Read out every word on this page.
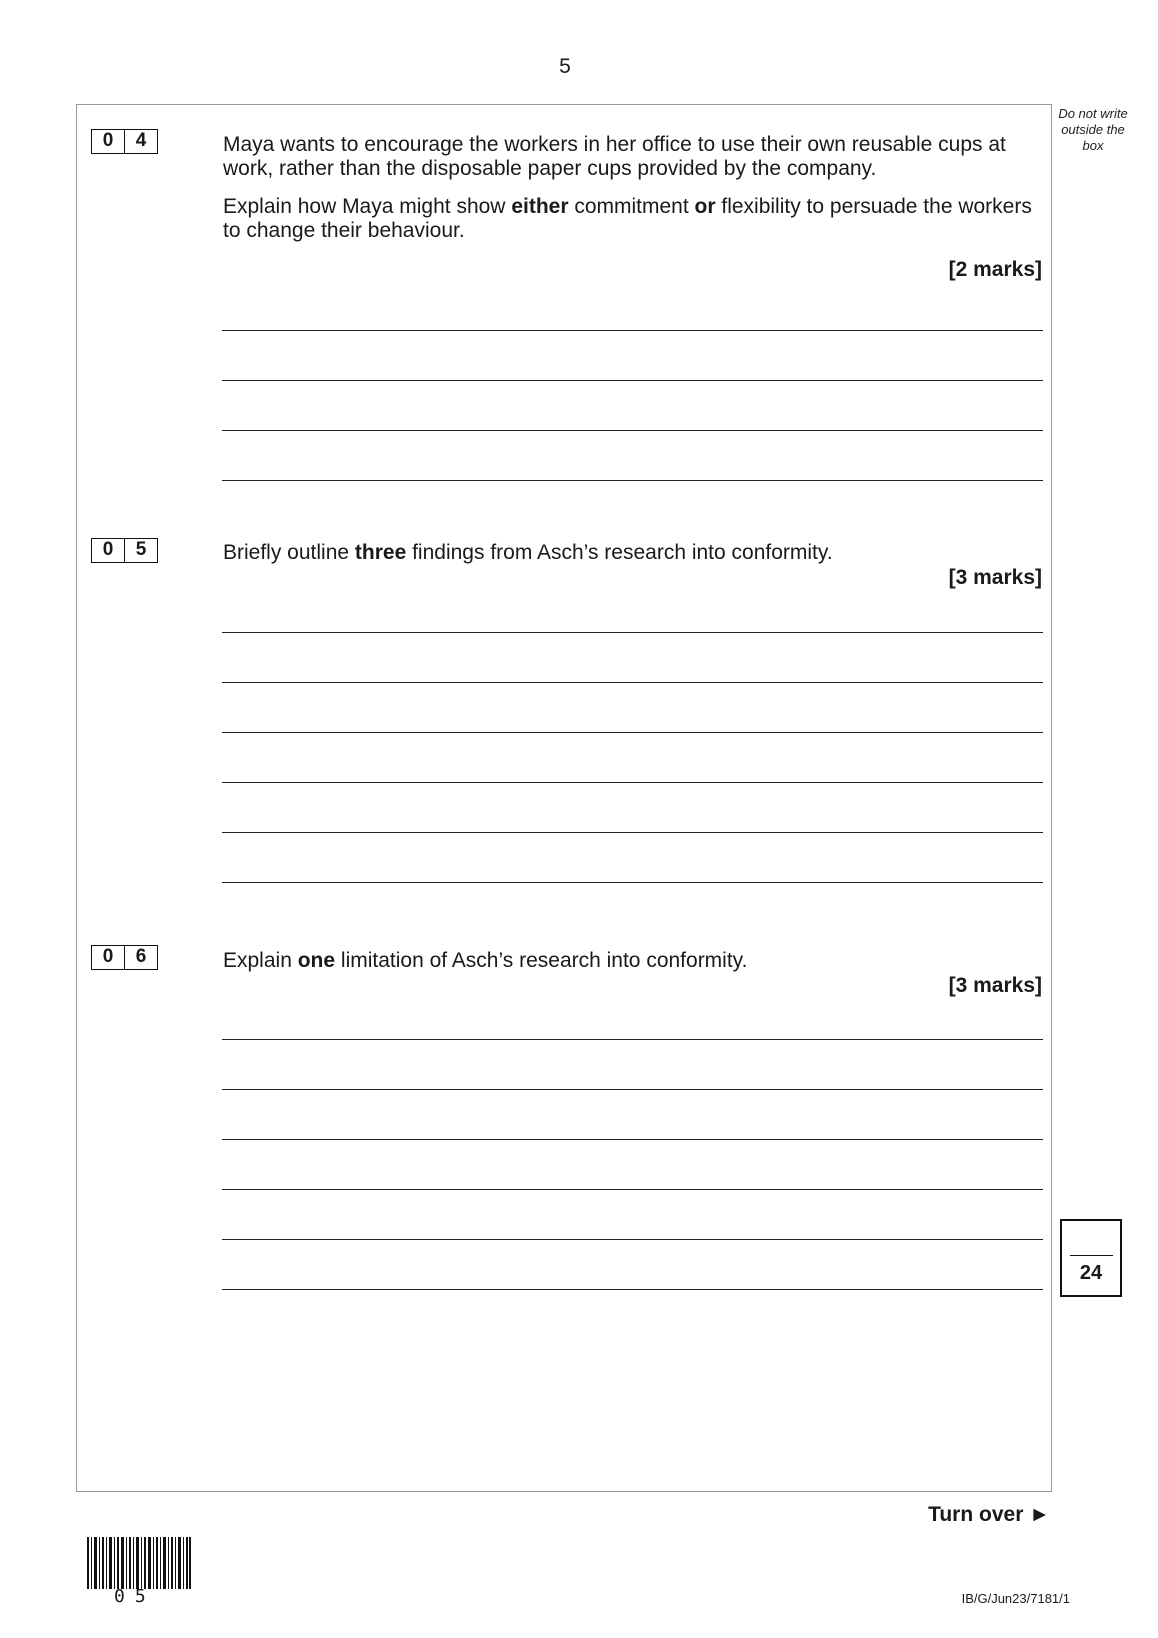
5
Do not write outside the box
0	4	Maya wants to encourage the workers in her office to use their own reusable cups at work, rather than the disposable paper cups provided by the company.

Explain how Maya might show either commitment or flexibility to persuade the workers to change their behaviour.

[2 marks]
0	5	Briefly outline three findings from Asch’s research into conformity.

[3 marks]
0	6	Explain one limitation of Asch’s research into conformity.

[3 marks]
24
Turn over ►
05	IB/G/Jun23/7181/1
